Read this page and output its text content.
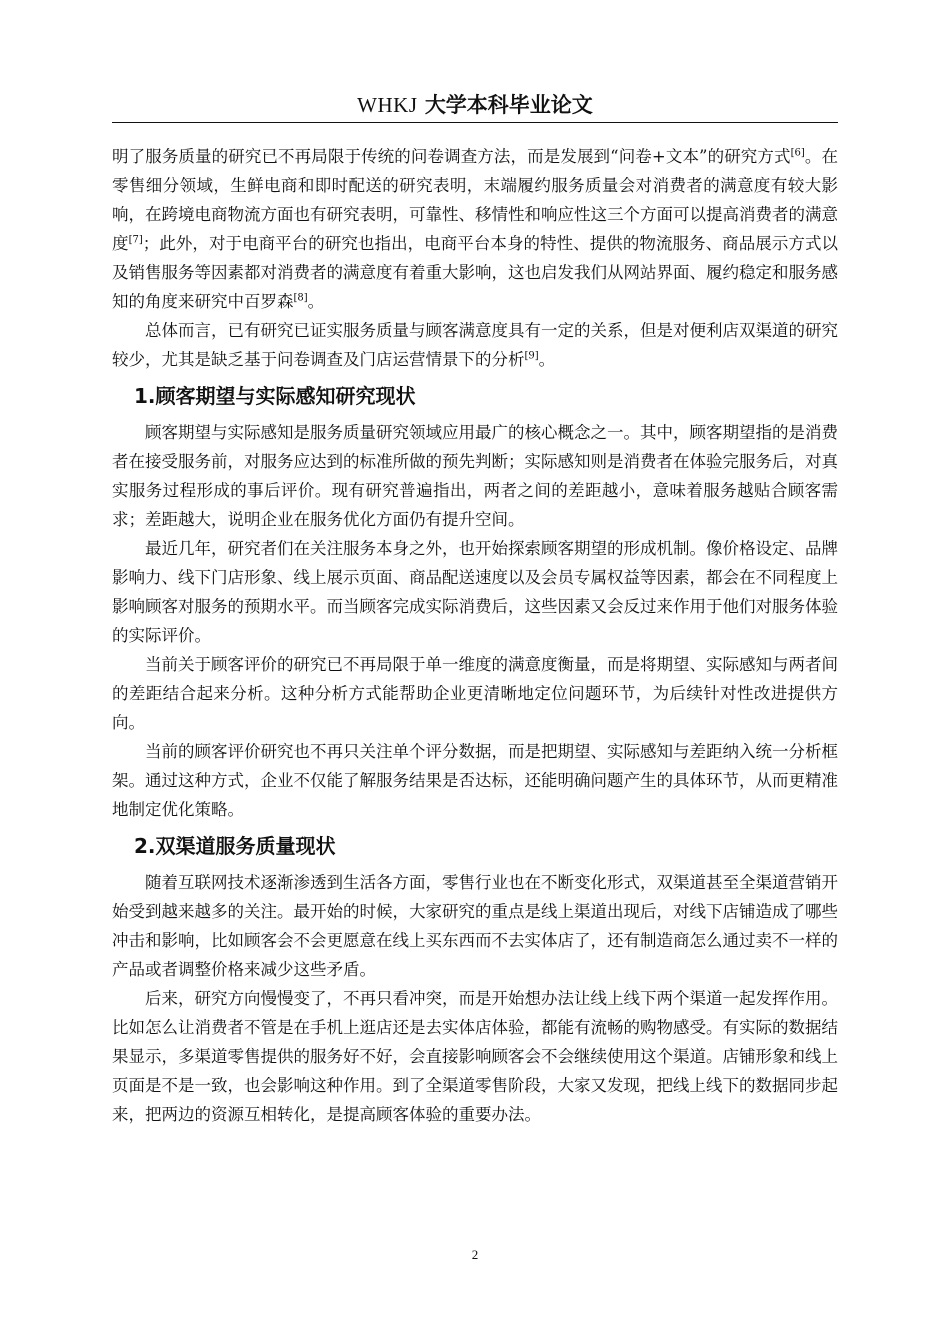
WHKJ 大学本科毕业论文

明了服务质量的研究已不再局限于传统的问卷调查方法，而是发展到“问卷+文本”的研究方式[6]。在零售细分领域，生鲜电商和即时配送的研究表明，末端履约服务质量会对消费者的满意度有较大影响，在跨境电商物流方面也有研究表明，可靠性、移情性和响应性这三个方面可以提高消费者的满意度[7]；此外，对于电商平台的研究也指出，电商平台本身的特性、提供的物流服务、商品展示方式以及销售服务等因素都对消费者的满意度有着重大影响，这也启发我们从网站界面、履约稳定和服务感知的角度来研究中百罗森[8]。

总体而言，已有研究已证实服务质量与顾客满意度具有一定的关系，但是对便利店双渠道的研究较少，尤其是缺乏基于问卷调查及门店运营情景下的分析[9]。

1.顾客期望与实际感知研究现状

顾客期望与实际感知是服务质量研究领域应用最广的核心概念之一。其中，顾客期望指的是消费者在接受服务前，对服务应达到的标准所做的预先判断；实际感知则是消费者在体验完服务后，对真实服务过程形成的事后评价。现有研究普遍指出，两者之间的差距越小，意味着服务越贴合顾客需求；差距越大，说明企业在服务优化方面仍有提升空间。

最近几年，研究者们在关注服务本身之外，也开始探索顾客期望的形成机制。像价格设定、品牌影响力、线下门店形象、线上展示页面、商品配送速度以及会员专属权益等因素，都会在不同程度上影响顾客对服务的预期水平。而当顾客完成实际消费后，这些因素又会反过来作用于他们对服务体验的实际评价。

当前关于顾客评价的研究已不再局限于单一维度的满意度衡量，而是将期望、实际感知与两者间的差距结合起来分析。这种分析方式能帮助企业更清晰地定位问题环节，为后续针对性改进提供方向。

当前的顾客评价研究也不再只关注单个评分数据，而是把期望、实际感知与差距纳入统一分析框架。通过这种方式，企业不仅能了解服务结果是否达标，还能明确问题产生的具体环节，从而更精准地制定优化策略。

2.双渠道服务质量现状

随着互联网技术逐渐渗透到生活各方面，零售行业也在不断变化形式，双渠道甚至全渠道营销开始受到越来越多的关注。最开始的时候，大家研究的重点是线上渠道出现后，对线下店铺造成了哪些冲击和影响，比如顾客会不会更愿意在线上买东西而不去实体店了，还有制造商怎么通过卖不一样的产品或者调整价格来减少这些矛盾。

后来，研究方向慢慢变了，不再只看冲突，而是开始想办法让线上线下两个渠道一起发挥作用。比如怎么让消费者不管是在手机上逛店还是去实体店体验，都能有流畅的购物感受。有实际的数据结果显示，多渠道零售提供的服务好不好，会直接影响顾客会不会继续使用这个渠道。店铺形象和线上页面是不是一致，也会影响这种作用。到了全渠道零售阶段，大家又发现，把线上线下的数据同步起来，把两边的资源互相转化，是提高顾客体验的重要办法。

2
